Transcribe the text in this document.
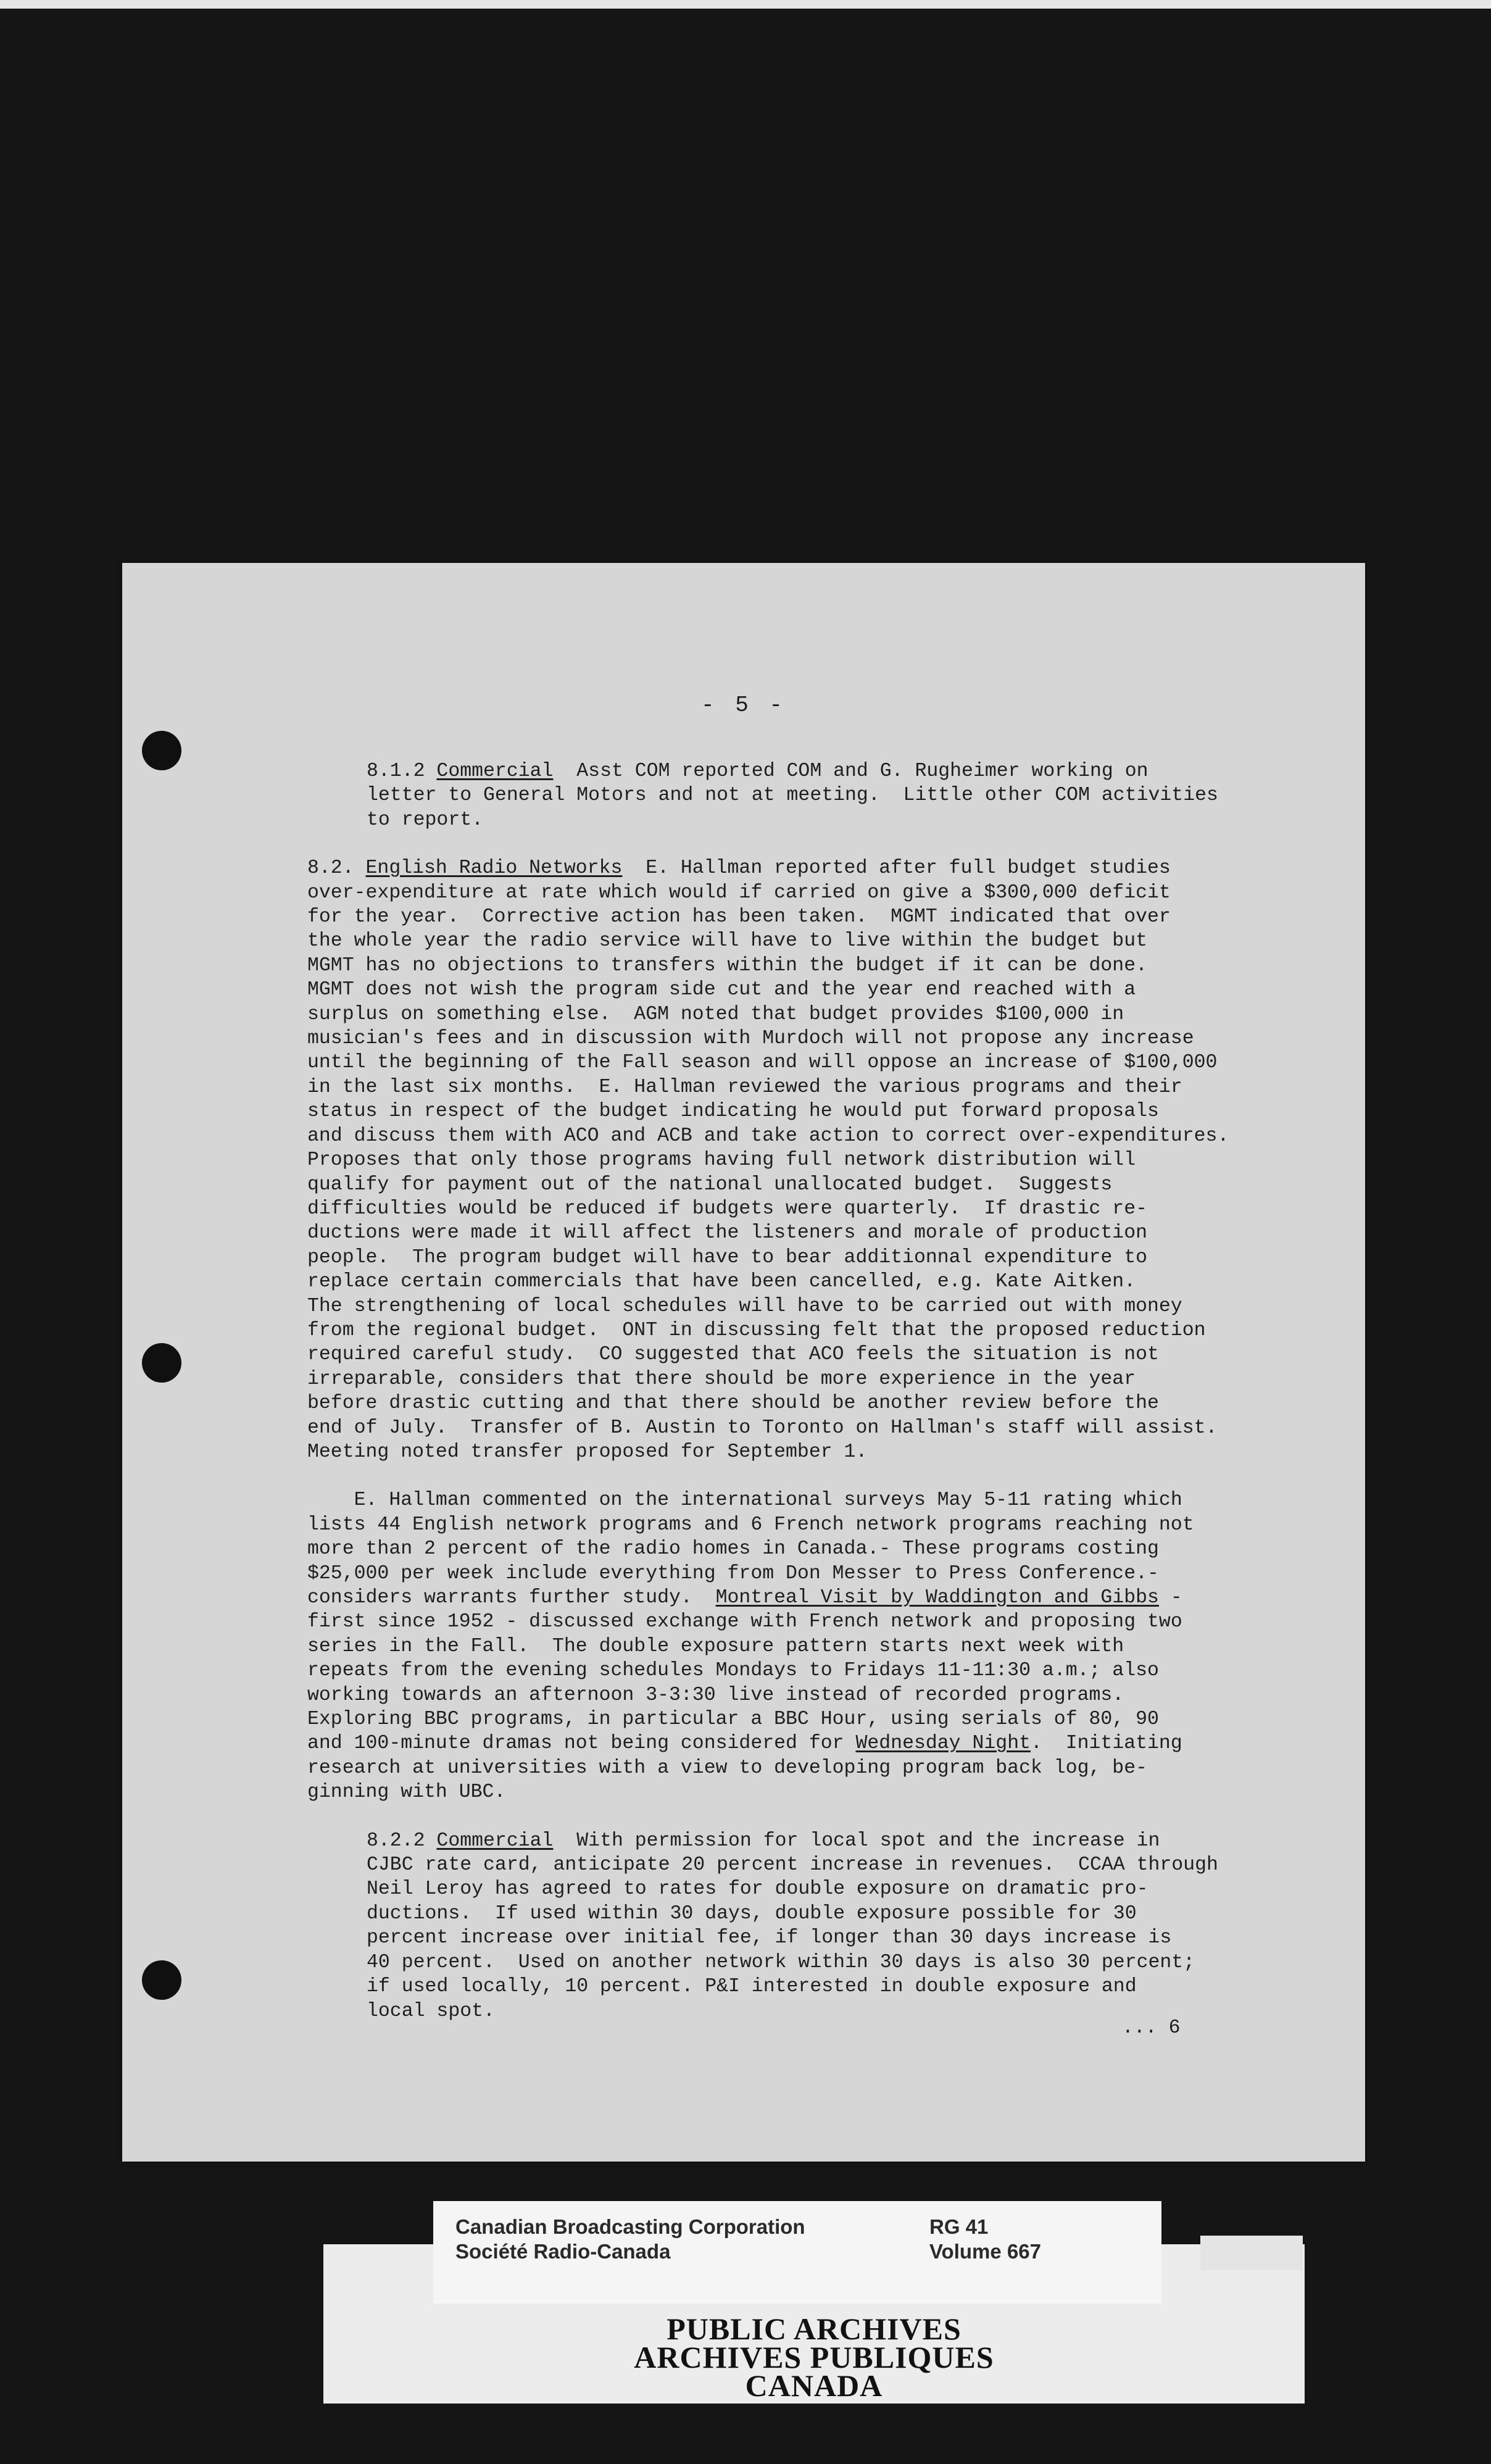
- 5 -
8.1.2 Commercial  Asst COM reported COM and G. Rugheimer working on
letter to General Motors and not at meeting.  Little other COM activities
to report.
8.2. English Radio Networks  E. Hallman reported after full budget studies
over-expenditure at rate which would if carried on give a $300,000 deficit
for the year.  Corrective action has been taken.  MGMT indicated that over
the whole year the radio service will have to live within the budget but
MGMT has no objections to transfers within the budget if it can be done.
MGMT does not wish the program side cut and the year end reached with a
surplus on something else.  AGM noted that budget provides $100,000 in
musician's fees and in discussion with Murdoch will not propose any increase
until the beginning of the Fall season and will oppose an increase of $100,000
in the last six months.  E. Hallman reviewed the various programs and their
status in respect of the budget indicating he would put forward proposals
and discuss them with ACO and ACB and take action to correct over-expenditures.
Proposes that only those programs having full network distribution will
qualify for payment out of the national unallocated budget.  Suggests
difficulties would be reduced if budgets were quarterly.  If drastic re-
ductions were made it will affect the listeners and morale of production
people.  The program budget will have to bear additionnal expenditure to
replace certain commercials that have been cancelled, e.g. Kate Aitken.
The strengthening of local schedules will have to be carried out with money
from the regional budget.  ONT in discussing felt that the proposed reduction
required careful study.  CO suggested that ACO feels the situation is not
irreparable, considers that there should be more experience in the year
before drastic cutting and that there should be another review before the
end of July.  Transfer of B. Austin to Toronto on Hallman's staff will assist.
Meeting noted transfer proposed for September 1.
E. Hallman commented on the international surveys May 5-11 rating which
lists 44 English network programs and 6 French network programs reaching not
more than 2 percent of the radio homes in Canada.- These programs costing
$25,000 per week include everything from Don Messer to Press Conference.-
considers warrants further study.  Montreal Visit by Waddington and Gibbs -
first since 1952 - discussed exchange with French network and proposing two
series in the Fall.  The double exposure pattern starts next week with
repeats from the evening schedules Mondays to Fridays 11-11:30 a.m.; also
working towards an afternoon 3-3:30 live instead of recorded programs.
Exploring BBC programs, in particular a BBC Hour, using serials of 80, 90
and 100-minute dramas not being considered for Wednesday Night.  Initiating
research at universities with a view to developing program back log, be-
ginning with UBC.
8.2.2 Commercial  With permission for local spot and the increase in
CJBC rate card, anticipate 20 percent increase in revenues.  CCAA through
Neil Leroy has agreed to rates for double exposure on dramatic pro-
ductions.  If used within 30 days, double exposure possible for 30
percent increase over initial fee, if longer than 30 days increase is
40 percent.  Used on another network within 30 days is also 30 percent;
if used locally, 10 percent. P&I interested in double exposure and
local spot.
... 6
Canadian Broadcasting Corporation
Société Radio-Canada
RG 41
Volume 667
PUBLIC ARCHIVES
ARCHIVES PUBLIQUES
CANADA
